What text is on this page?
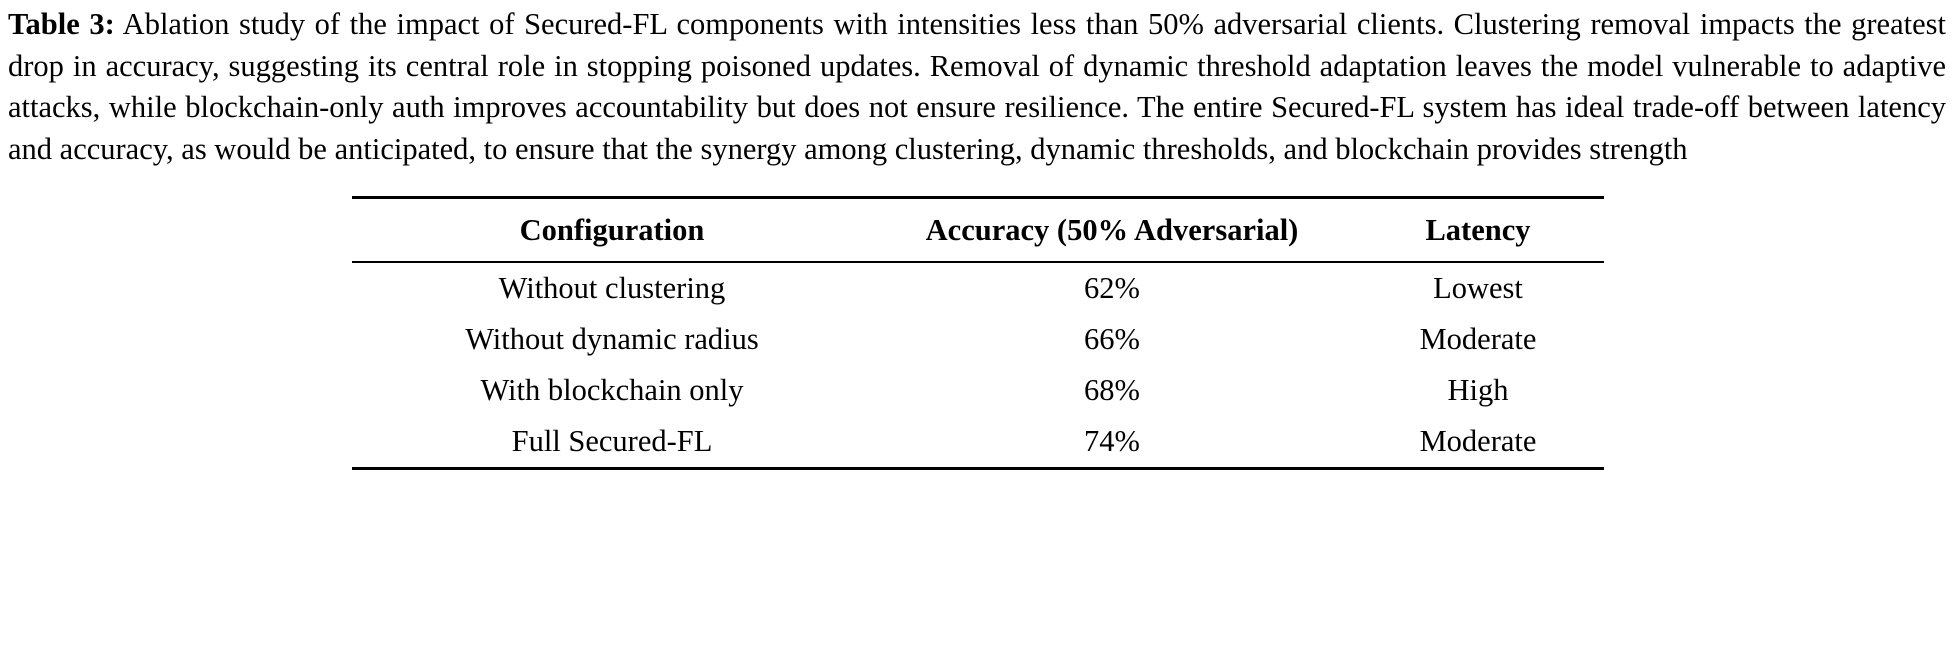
Table 3: Ablation study of the impact of Secured-FL components with intensities less than 50% adversarial clients. Clustering removal impacts the greatest drop in accuracy, suggesting its central role in stopping poisoned updates. Removal of dynamic threshold adaptation leaves the model vulnerable to adaptive attacks, while blockchain-only auth improves accountability but does not ensure resilience. The entire Secured-FL system has ideal trade-off between latency and accuracy, as would be anticipated, to ensure that the synergy among clustering, dynamic thresholds, and blockchain provides strength

Configuration	Accuracy (50% Adversarial)	Latency
Without clustering	62%	Lowest
Without dynamic radius	66%	Moderate
With blockchain only	68%	High
Full Secured-FL	74%	Moderate
